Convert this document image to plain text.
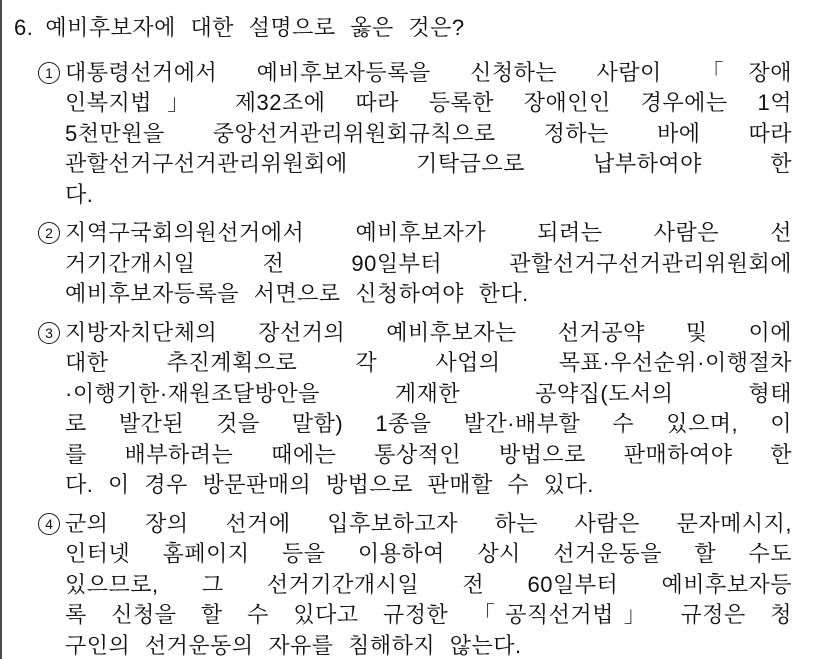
6. 예비후보자에 대한 설명으로 옳은 것은?
1 대통령선거에서 예비후보자등록을 신청하는 사람이 「장애
인복지법」 제32조에 따라 등록한 장애인인 경우에는 1억
5천만원을 중앙선거관리위원회규칙으로 정하는 바에 따라
관할선거구선거관리위원회에 기탁금으로 납부하여야 한
다.
2 지역구국회의원선거에서 예비후보자가 되려는 사람은 선
거기간개시일 전 90일부터 관할선거구선거관리위원회에
예비후보자등록을 서면으로 신청하여야 한다.
3 지방자치단체의 장선거의 예비후보자는 선거공약 및 이에
대한 추진계획으로 각 사업의 목표·우선순위·이행절차
·이행기한·재원조달방안을 게재한 공약집(도서의 형태
로 발간된 것을 말함) 1종을 발간·배부할 수 있으며, 이
를 배부하려는 때에는 통상적인 방법으로 판매하여야 한
다. 이 경우 방문판매의 방법으로 판매할 수 있다.
4 군의 장의 선거에 입후보하고자 하는 사람은 문자메시지,
인터넷 홈페이지 등을 이용하여 상시 선거운동을 할 수도
있으므로, 그 선거기간개시일 전 60일부터 예비후보자등
록 신청을 할 수 있다고 규정한 「공직선거법」 규정은 청
구인의 선거운동의 자유를 침해하지 않는다.
